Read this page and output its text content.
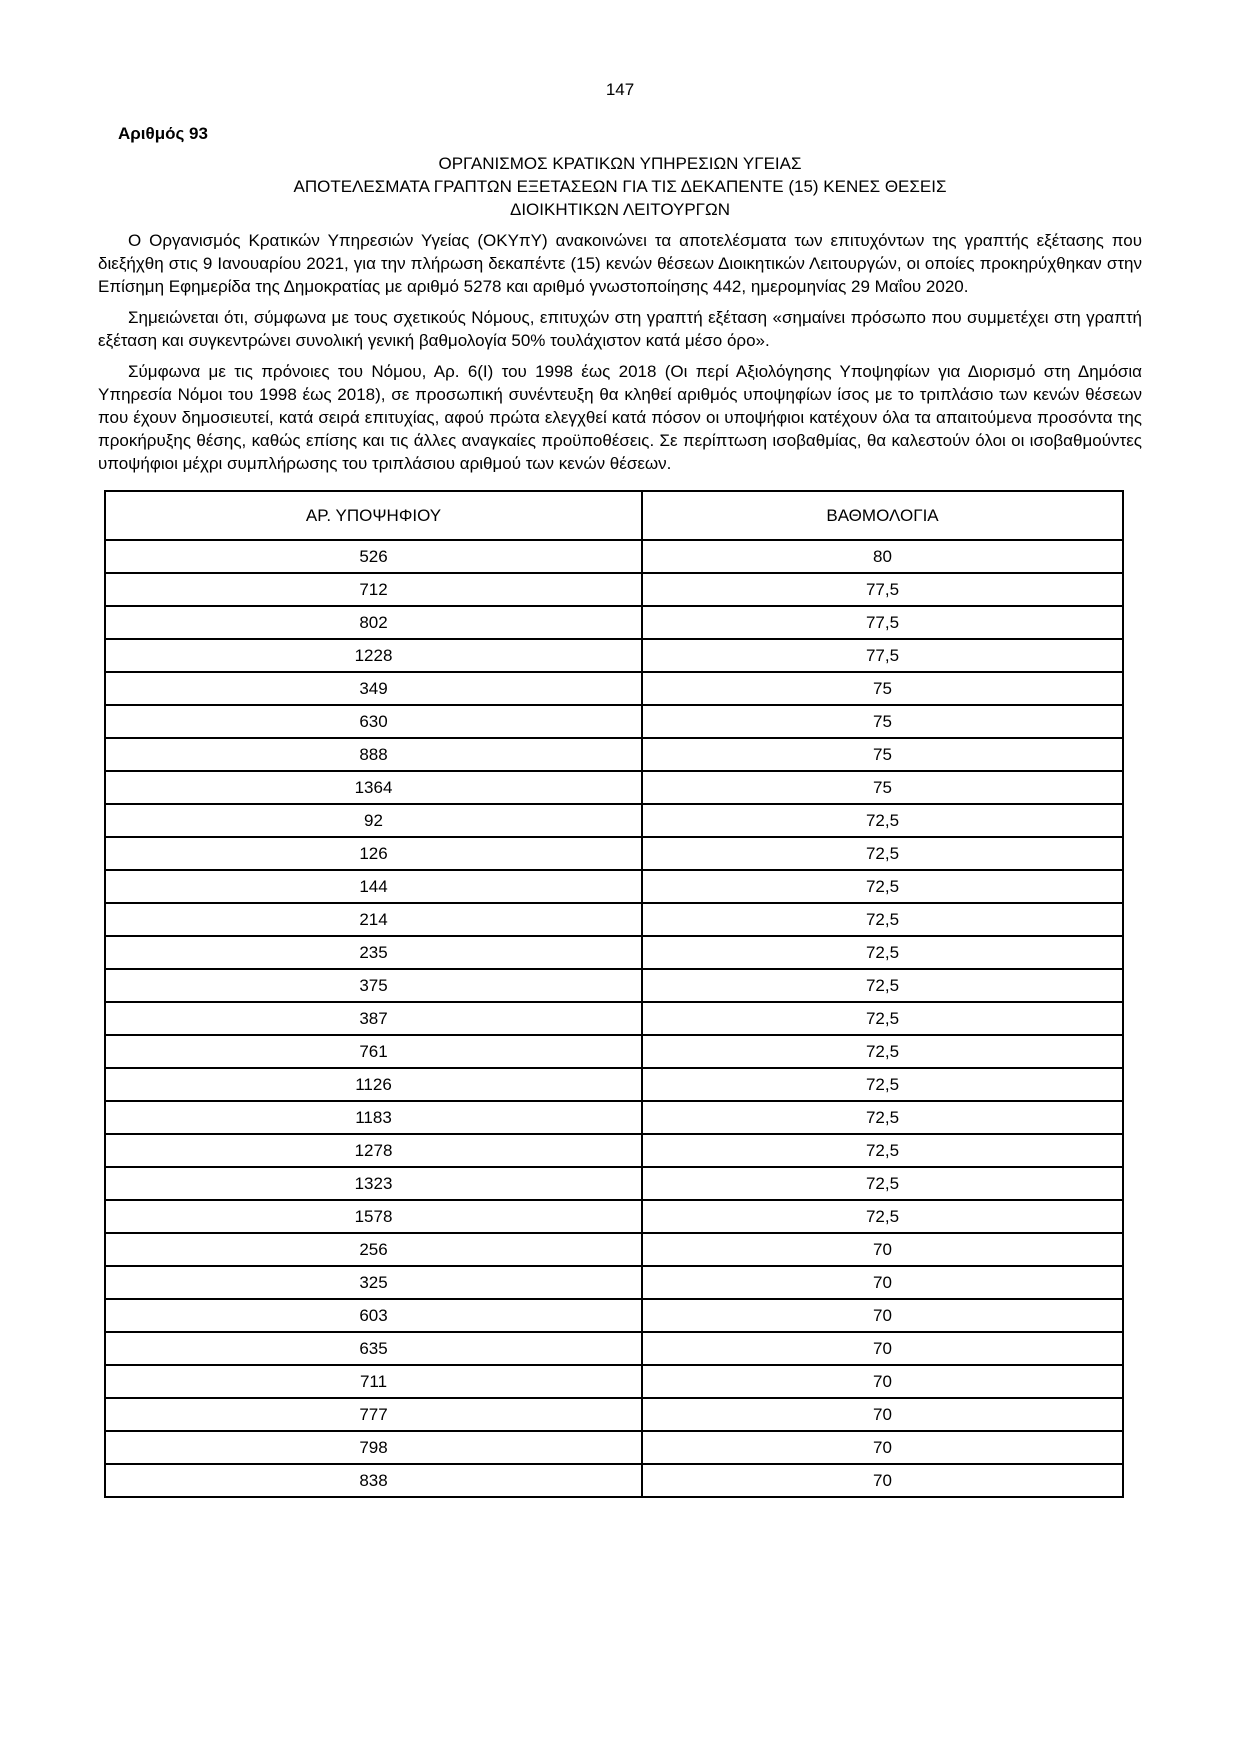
147
Αριθμός 93
ΟΡΓΑΝΙΣΜΟΣ ΚΡΑΤΙΚΩΝ ΥΠΗΡΕΣΙΩΝ ΥΓΕΙΑΣ
ΑΠΟΤΕΛΕΣΜΑΤΑ ΓΡΑΠΤΩΝ ΕΞΕΤΑΣΕΩΝ ΓΙΑ ΤΙΣ ΔΕΚΑΠΕΝΤΕ (15) ΚΕΝΕΣ ΘΕΣΕΙΣ
ΔΙΟΙΚΗΤΙΚΩΝ ΛΕΙΤΟΥΡΓΩΝ

Ο Οργανισμός Κρατικών Υπηρεσιών Υγείας (ΟΚΥπΥ) ανακοινώνει τα αποτελέσματα των επιτυχόντων της γραπτής εξέτασης που διεξήχθη στις 9 Ιανουαρίου 2021, για την πλήρωση δεκαπέντε (15) κενών θέσεων Διοικητικών Λειτουργών, οι οποίες προκηρύχθηκαν στην Επίσημη Εφημερίδα της Δημοκρατίας με αριθμό 5278 και αριθμό γνωστοποίησης 442, ημερομηνίας 29 Μαΐου 2020.

Σημειώνεται ότι, σύμφωνα με τους σχετικούς Νόμους, επιτυχών στη γραπτή εξέταση «σημαίνει πρόσωπο που συμμετέχει στη γραπτή εξέταση και συγκεντρώνει συνολική γενική βαθμολογία 50% τουλάχιστον κατά μέσο όρο».

Σύμφωνα με τις πρόνοιες του Νόμου, Αρ. 6(Ι) του 1998 έως 2018 (Οι περί Αξιολόγησης Υποψηφίων για Διορισμό στη Δημόσια Υπηρεσία Νόμοι του 1998 έως 2018), σε προσωπική συνέντευξη θα κληθεί αριθμός υποψηφίων ίσος με το τριπλάσιο των κενών θέσεων που έχουν δημοσιευτεί, κατά σειρά επιτυχίας, αφού πρώτα ελεγχθεί κατά πόσον οι υποψήφιοι κατέχουν όλα τα απαιτούμενα προσόντα της προκήρυξης θέσης, καθώς επίσης και τις άλλες αναγκαίες προϋποθέσεις. Σε περίπτωση ισοβαθμίας, θα καλεστούν όλοι οι ισοβαθμούντες υποψήφιοι μέχρι συμπλήρωσης του τριπλάσιου αριθμού των κενών θέσεων.

ΑΡ. ΥΠΟΨΗΦΙΟΥ	ΒΑΘΜΟΛΟΓΙΑ
526	80
712	77,5
802	77,5
1228	77,5
349	75
630	75
888	75
1364	75
92	72,5
126	72,5
144	72,5
214	72,5
235	72,5
375	72,5
387	72,5
761	72,5
1126	72,5
1183	72,5
1278	72,5
1323	72,5
1578	72,5
256	70
325	70
603	70
635	70
711	70
777	70
798	70
838	70
